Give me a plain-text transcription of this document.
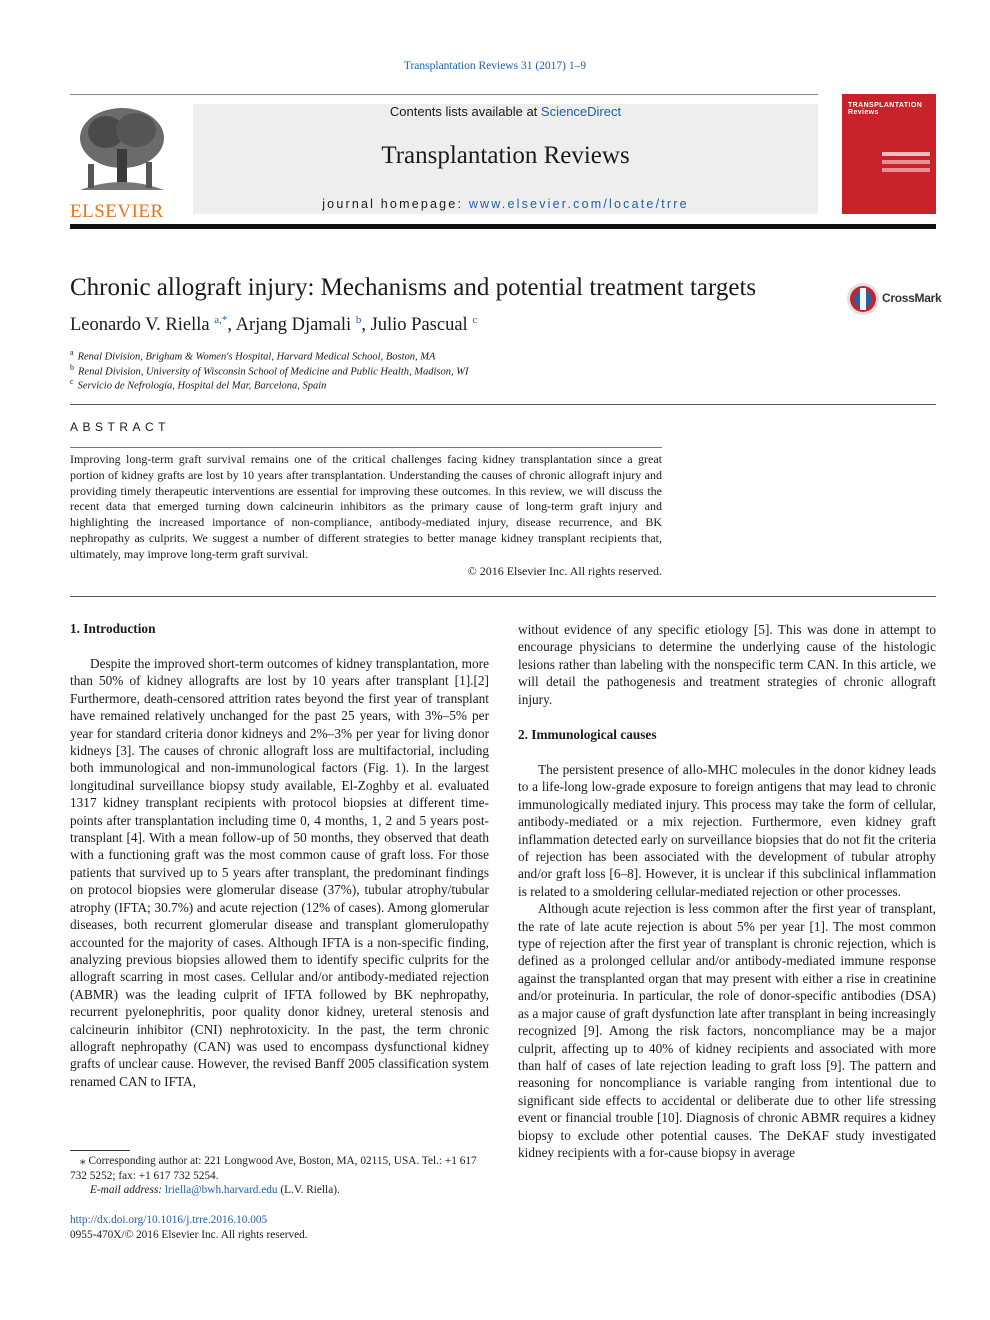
Transplantation Reviews 31 (2017) 1–9
ELSEVIER
Contents lists available at ScienceDirect
Transplantation Reviews
journal homepage: www.elsevier.com/locate/trre
TRANSPLANTATION Reviews
Chronic allograft injury: Mechanisms and potential treatment targets	CrossMark
Leonardo V. Riella $^{a,*}$, Arjang Djamali $^b$, Julio Pascual $^c$
$^a$ Renal Division, Brigham & Women's Hospital, Harvard Medical School, Boston, MA
$^b$ Renal Division, University of Wisconsin School of Medicine and Public Health, Madison, WI
$^c$ Servicio de Nefrología, Hospital del Mar, Barcelona, Spain
ABSTRACT
Improving long-term graft survival remains one of the critical challenges facing kidney transplantation since a great portion of kidney grafts are lost by 10 years after transplantation. Understanding the causes of chronic allograft injury and providing timely therapeutic interventions are essential for improving these outcomes. In this review, we will discuss the recent data that emerged turning down calcineurin inhibitors as the primary cause of long-term graft injury and highlighting the increased importance of non-compliance, antibody-mediated injury, disease recurrence, and BK nephropathy as culprits. We suggest a number of different strategies to better manage kidney transplant recipients that, ultimately, may improve long-term graft survival.
© 2016 Elsevier Inc. All rights reserved.
1. Introduction

Despite the improved short-term outcomes of kidney transplantation, more than 50% of kidney allografts are lost by 10 years after transplant [1].[2] Furthermore, death-censored attrition rates beyond the first year of transplant have remained relatively unchanged for the past 25 years, with 3%–5% per year for standard criteria donor kidneys and 2%–3% per year for living donor kidneys [3]. The causes of chronic allograft loss are multifactorial, including both immunological and non-immunological factors (Fig. 1). In the largest longitudinal surveillance biopsy study available, El-Zoghby et al. evaluated 1317 kidney transplant recipients with protocol biopsies at different time-points after transplantation including time 0, 4 months, 1, 2 and 5 years post-transplant [4]. With a mean follow-up of 50 months, they observed that death with a functioning graft was the most common cause of graft loss. For those patients that survived up to 5 years after transplant, the predominant findings on protocol biopsies were glomerular disease (37%), tubular atrophy/tubular atrophy (IFTA; 30.7%) and acute rejection (12% of cases). Among glomerular diseases, both recurrent glomerular disease and transplant glomerulopathy accounted for the majority of cases. Although IFTA is a non-specific finding, analyzing previous biopsies allowed them to identify specific culprits for the allograft scarring in most cases. Cellular and/or antibody-mediated rejection (ABMR) was the leading culprit of IFTA followed by BK nephropathy, recurrent pyelonephritis, poor quality donor kidney, ureteral stenosis and calcineurin inhibitor (CNI) nephrotoxicity. In the past, the term chronic allograft nephropathy (CAN) was used to encompass dysfunctional kidney grafts of unclear cause. However, the revised Banff 2005 classification system renamed CAN to IFTA,

without evidence of any specific etiology [5]. This was done in attempt to encourage physicians to determine the underlying cause of the histologic lesions rather than labeling with the nonspecific term CAN. In this article, we will detail the pathogenesis and treatment strategies of chronic allograft injury.

2. Immunological causes

The persistent presence of allo-MHC molecules in the donor kidney leads to a life-long low-grade exposure to foreign antigens that may lead to chronic immunologically mediated injury. This process may take the form of cellular, antibody-mediated or a mix rejection. Furthermore, even kidney graft inflammation detected early on surveillance biopsies that do not fit the criteria of rejection has been associated with the development of tubular atrophy and/or graft loss [6–8]. However, it is unclear if this subclinical inflammation is related to a smoldering cellular-mediated rejection or other processes.

Although acute rejection is less common after the first year of transplant, the rate of late acute rejection is about 5% per year [1]. The most common type of rejection after the first year of transplant is chronic rejection, which is defined as a prolonged cellular and/or antibody-mediated immune response against the transplanted organ that may present with either a rise in creatinine and/or proteinuria. In particular, the role of donor-specific antibodies (DSA) as a major cause of graft dysfunction late after transplant in being increasingly recognized [9]. Among the risk factors, noncompliance may be a major culprit, affecting up to 40% of kidney recipients and associated with more than half of cases of late rejection leading to graft loss [9]. The pattern and reasoning for noncompliance is variable ranging from intentional due to significant side effects to accidental or deliberate due to other life stressing event or financial trouble [10]. Diagnosis of chronic ABMR requires a kidney biopsy to exclude other potential causes. The DeKAF study investigated kidney recipients with a for-cause biopsy in average

⁎ Corresponding author at: 221 Longwood Ave, Boston, MA, 02115, USA. Tel.: +1 617 732 5252; fax: +1 617 732 5254.
E-mail address: lriella@bwh.harvard.edu (L.V. Riella).
http://dx.doi.org/10.1016/j.trre.2016.10.005
0955-470X/© 2016 Elsevier Inc. All rights reserved.
